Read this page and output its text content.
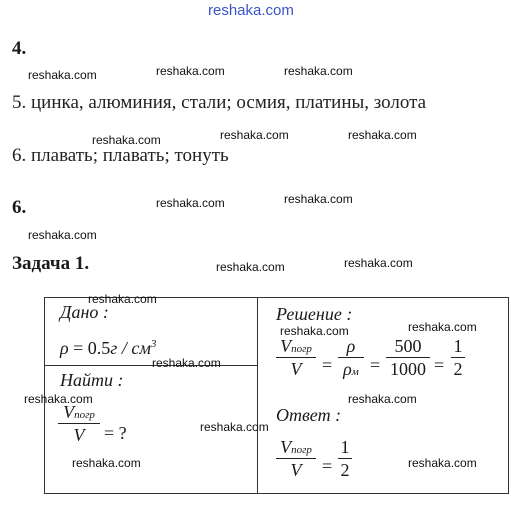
reshaka.com
reshaka.com	reshaka.com	reshaka.com
reshaka.com	reshaka.com	reshaka.com
reshaka.com	reshaka.com
reshaka.com
reshaka.com	reshaka.com
4.
5. цинка, алюминия, стали; осмия, платины, золота
6. плавать; плавать; тонуть
6.
Задача 1.
Дано :
$\rho = 0.5г / см^3$
Найти :
Vпогр
V	= ?
Решение :
Vпогр
V	=
ρ
ρм =
500
1000 =
1
2
Ответ :
Vпогр
V	=
1
2
reshaka.com
reshaka.com	reshaka.com
reshaka.com
reshaka.com	reshaka.com
reshaka.com
reshaka.com	reshaka.com
